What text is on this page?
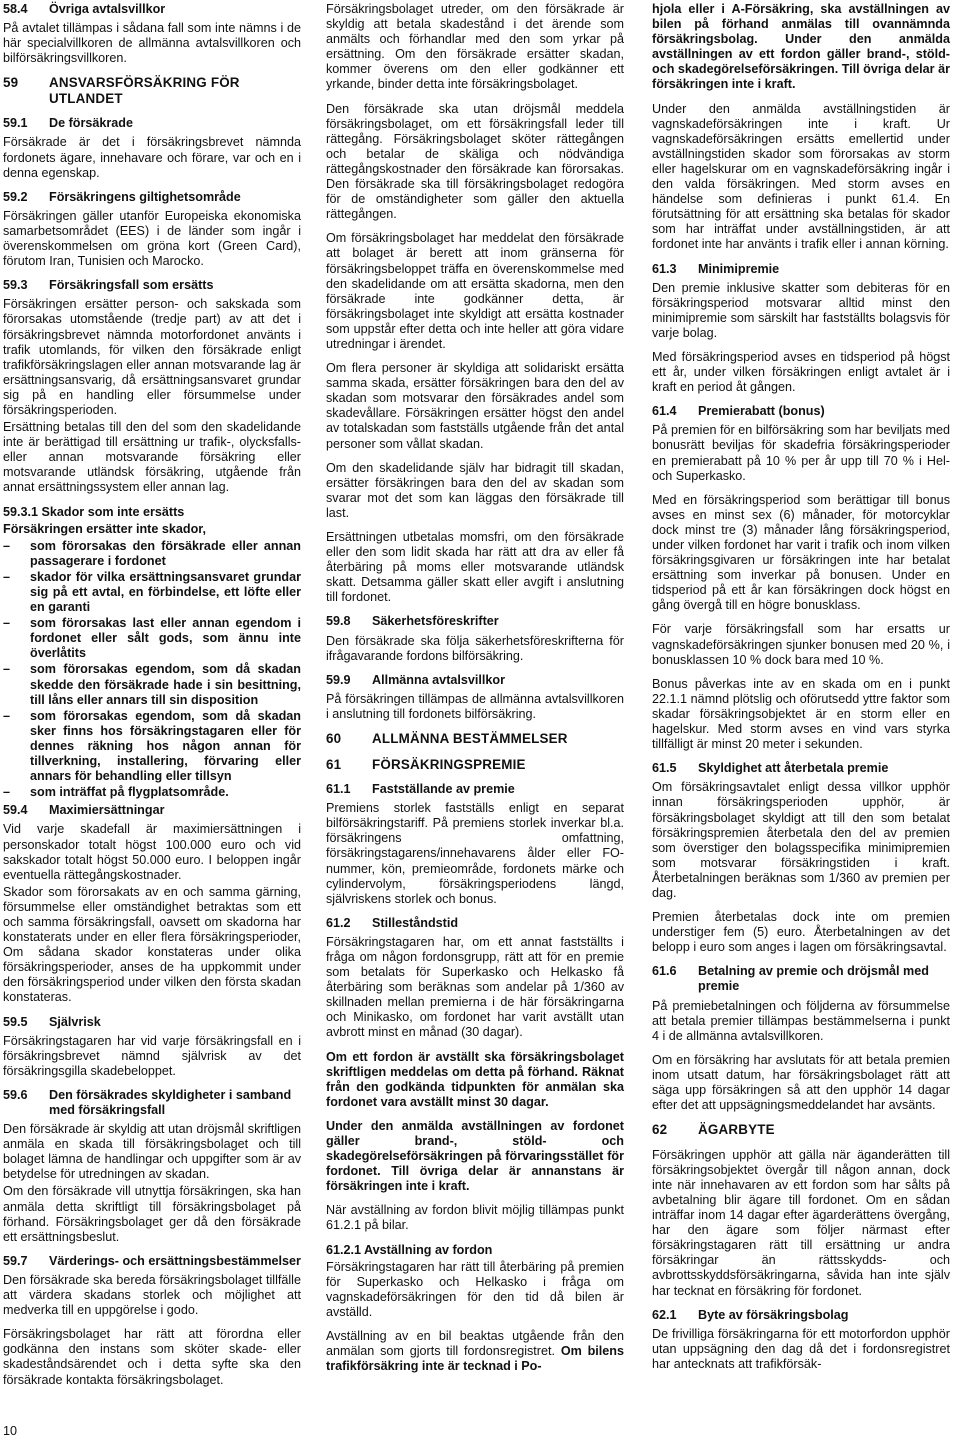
58.4	Övriga avtalsvillkor

På avtalet tillämpas i sådana fall som inte nämns i de här specialvillkoren de allmänna avtalsvillkoren och bilförsäkringsvillkoren.

59	ANSVARSFÖRSÄKRING FÖR UTLANDET
59.1	De försäkrade

Försäkrade är det i försäkringsbrevet nämnda fordonets ägare, innehavare och förare, var och en i denna egenskap.

59.2	Försäkringens giltighetsområde

Försäkringen gäller utanför Europeiska ekonomiska samarbetsområdet (EES) i de länder som ingår i överenskommelsen om gröna kort (Green Card), förutom Iran, Tunisien och Marocko.

59.3	Försäkringsfall som ersätts

Försäkringen ersätter person- och sakskada som förorsakas utomstående (tredje part) av att det i försäkringsbrevet nämnda motorfordonet använts i trafik utomlands, för vilken den försäkrade enligt trafikförsäkringslagen eller annan motsvarande lag är ersättningsansvarig, då ersättningsansvaret grundar sig på en handling eller försummelse under försäkringsperioden.

Ersättning betalas till den del som den skadelidande inte är berättigad till ersättning ur trafik-, olycksfalls- eller annan motsvarande försäkring eller motsvarande utländsk försäkring, utgående från annat ersättningssystem eller annan lag.

59.3.1 Skador som inte ersätts
Försäkringen ersätter inte skador,
–	som förorsakas den försäkrade eller annan passagerare i fordonet
–	skador för vilka ersättningsansvaret grundar sig på ett avtal, en förbindelse, ett löfte eller en garanti
–	som förorsakas last eller annan egendom i fordonet eller sålt gods, som ännu inte överlåtits
–	som förorsakas egendom, som då skadan skedde den försäkrade hade i sin besittning, till låns eller annars till sin disposition
–	som förorsakas egendom, som då skadan sker finns hos försäkringstagaren eller för dennes räkning hos någon annan för tillverkning, installering, förvaring eller annars för behandling eller tillsyn
–	som inträffat på flygplatsområde.
59.4	Maximiersättningar

Vid varje skadefall är maximiersättningen i personskador totalt högst 100.000 euro och vid sakskador totalt högst 50.000 euro. I beloppen ingår eventuella rättegångskostnader.

Skador som förorsakats av en och samma gärning, försummelse eller omständighet betraktas som ett och samma försäkringsfall, oavsett om skadorna har konstaterats under en eller flera försäkringsperioder, Om sådana skador konstateras under olika försäkringsperioder, anses de ha uppkommit under den försäkringsperiod under vilken den första skadan konstateras.

59.5	Självrisk

Försäkringstagaren har vid varje försäkringsfall en i försäkringsbrevet nämnd självrisk av det försäkringsgilla skadebeloppet.

59.6	Den försäkrades skyldigheter i samband med försäkringsfall

Den försäkrade är skyldig att utan dröjsmål skriftligen anmäla en skada till försäkringsbolaget och till bolaget lämna de handlingar och uppgifter som är av betydelse för utredningen av skadan.

Om den försäkrade vill utnyttja försäkringen, ska han anmäla detta skriftligt till försäkringsbolaget på förhand. Försäkringsbolaget ger då den försäkrade ett ersättningsbeslut.

59.7	Värderings- och ersättningsbestämmelser

Den försäkrade ska bereda försäkringsbolaget tillfälle att värdera skadans storlek och möjlighet att medverka till en uppgörelse i godo.

Försäkringsbolaget har rätt att förordna eller godkänna den instans som sköter skade- eller skadeståndsärendet och i detta syfte ska den försäkrade kontakta försäkringsbolaget.

Försäkringsbolaget utreder, om den försäkrade är skyldig att betala skadestånd i det ärende som anmälts och förhandlar med den som yrkar på ersättning. Om den försäkrade ersätter skadan, kommer överens om den eller godkänner ett yrkande, binder detta inte försäkringsbolaget.

Den försäkrade ska utan dröjsmål meddela försäkringsbolaget, om ett försäkringsfall leder till rättegång. Försäkringsbolaget sköter rättegången och betalar de skäliga och nödvändiga rättegångskostnader den försäkrade kan förorsakas. Den försäkrade ska till försäkringsbolaget redogöra för de omständigheter som gäller den aktuella rättegången.

Om försäkringsbolaget har meddelat den försäkrade att bolaget är berett att inom gränserna för försäkringsbeloppet träffa en överenskommelse med den skadelidande om att ersätta skadorna, men den försäkrade inte godkänner detta, är försäkringsbolaget inte skyldigt att ersätta kostnader som uppstår efter detta och inte heller att göra vidare utredningar i ärendet.

Om flera personer är skyldiga att solidariskt ersätta samma skada, ersätter försäkringen bara den del av skadan som motsvarar den försäkrades andel som skadevållare. Försäkringen ersätter högst den andel av totalskadan som fastställs utgående från det antal personer som vållat skadan.

Om den skadelidande själv har bidragit till skadan, ersätter försäkringen bara den del av skadan som svarar mot det som kan läggas den försäkrade till last.

Ersättningen utbetalas momsfri, om den försäkrade eller den som lidit skada har rätt att dra av eller få återbäring på moms eller motsvarande utländsk skatt. Detsamma gäller skatt eller avgift i anslutning till fordonet.

59.8	Säkerhetsföreskrifter

Den försäkrade ska följa säkerhetsföreskrifterna för ifrågavarande fordons bilförsäkring.

59.9	Allmänna avtalsvillkor

På försäkringen tillämpas de allmänna avtalsvillkoren i anslutning till fordonets bilförsäkring.

60	ALLMÄNNA BESTÄMMELSER
61	FÖRSÄKRINGSPREMIE
61.1	Fastställande av premie

Premiens storlek fastställs enligt en separat bilförsäkringstariff. På premiens storlek inverkar bl.a. försäkringens omfattning, försäkringstagarens/innehavarens ålder eller FO-nummer, kön, premieområde, fordonets märke och cylindervolym, försäkringsperiodens längd, självriskens storlek och bonus.

61.2	Stilleståndstid

Försäkringstagaren har, om ett annat fastställts i fråga om någon fordonsgrupp, rätt att för en premie som betalats för Superkasko och Helkasko få återbäring som beräknas som andelar på 1/360 av skillnaden mellan premierna i de här försäkringarna och Minikasko, om fordonet har varit avställt utan avbrott minst en månad (30 dagar).

Om ett fordon är avställt ska försäkringsbolaget skriftligen meddelas om detta på förhand. Räknat från den godkända tidpunkten för anmälan ska fordonet vara avställt minst 30 dagar.

Under den anmälda avställningen av fordonet gäller brand-, stöld- och skadegörelseförsäkringen på förvaringsstället för fordonet. Till övriga delar är annanstans är försäkringen inte i kraft.

När avställning av fordon blivit möjlig tillämpas punkt 61.2.1 på bilar.

61.2.1 Avställning av fordon

Försäkringstagaren har rätt till återbäring på premien för Superkasko och Helkasko i fråga om vagnskadeförsäkringen för den tid då bilen är avställd.

Avställning av en bil beaktas utgående från den anmälan som gjorts till fordonsregistret. Om bilens trafikförsäkring inte är tecknad i Po-

hjola eller i A-Försäkring, ska avställningen av bilen på förhand anmälas till ovannämnda försäkringsbolag. Under den anmälda avställningen av ett fordon gäller brand-, stöld- och skadegörelseförsäkringen. Till övriga delar är försäkringen inte i kraft.

Under den anmälda avställningstiden är vagnskadeförsäkringen inte i kraft. Ur vagnskadeförsäkringen ersätts emellertid under avställningstiden skador som förorsakas av storm eller hagelskurar om en vagnskadeförsäkring ingår i den valda försäkringen. Med storm avses en händelse som definieras i punkt 61.4. En förutsättning för att ersättning ska betalas för skador som har inträffat under avställningstiden, är att fordonet inte har använts i trafik eller i annan körning.

61.3	Minimipremie

Den premie inklusive skatter som debiteras för en försäkringsperiod motsvarar alltid minst den minimipremie som särskilt har fastställts bolagsvis för varje bolag.

Med försäkringsperiod avses en tidsperiod på högst ett år, under vilken försäkringen enligt avtalet är i kraft en period åt gången.

61.4	Premierabatt (bonus)

På premien för en bilförsäkring som har beviljats med bonusrätt beviljas för skadefria försäkringsperioder en premierabatt på 10 % per år upp till 70 % i Hel- och Superkasko.

Med en försäkringsperiod som berättigar till bonus avses en minst sex (6) månader, för motorcyklar dock minst tre (3) månader lång försäkringsperiod, under vilken fordonet har varit i trafik och inom vilken försäkringsgivaren ur försäkringen inte har betalat ersättning som inverkar på bonusen. Under en tidsperiod på ett år kan försäkringen dock högst en gång övergå till en högre bonusklass.

För varje försäkringsfall som har ersatts ur vagnskadeförsäkringen sjunker bonusen med 20 %, i bonusklassen 10 % dock bara med 10 %.

Bonus påverkas inte av en skada om en i punkt 22.1.1 nämnd plötslig och oförutsedd yttre faktor som skadar försäkringsobjektet är en storm eller en hagelskur. Med storm avses en vind vars styrka tillfälligt är minst 20 meter i sekunden.

61.5	Skyldighet att återbetala premie

Om försäkringsavtalet enligt dessa villkor upphör innan försäkringsperioden upphör, är försäkringsbolaget skyldigt att till den som betalat försäkringspremien återbetala den del av premien som överstiger den bolagsspecifika minimipremien som motsvarar försäkringstiden i kraft. Återbetalningen beräknas som 1/360 av premien per dag.

Premien återbetalas dock inte om premien understiger fem (5) euro. Återbetalningen av det belopp i euro som anges i lagen om försäkringsavtal.

61.6	Betalning av premie och dröjsmål med premie

På premiebetalningen och följderna av försummelse att betala premier tillämpas bestämmelserna i punkt 4 i de allmänna avtalsvillkoren.

Om en försäkring har avslutats för att betala premien inom utsatt datum, har försäkringsbolaget rätt att säga upp försäkringen så att den upphör 14 dagar efter det att uppsägningsmeddelandet har avsänts.

62	ÄGARBYTE

Försäkringen upphör att gälla när äganderätten till försäkringsobjektet övergår till någon annan, dock inte när innehavaren av ett fordon som har sålts på avbetalning blir ägare till fordonet. Om en sådan inträffar inom 14 dagar efter ägarderättens övergång, har den ägare som följer närmast efter försäkringstagaren rätt till ersättning ur andra försäkringar än rättsskydds- och avbrottsskyddsförsäkringarna, såvida han inte själv har tecknat en försäkring för fordonet.

62.1	Byte av försäkringsbolag

De frivilliga försäkringarna för ett motorfordon upphör utan uppsägning den dag då det i fordonsregistret har antecknats att trafikförsäk-

10
